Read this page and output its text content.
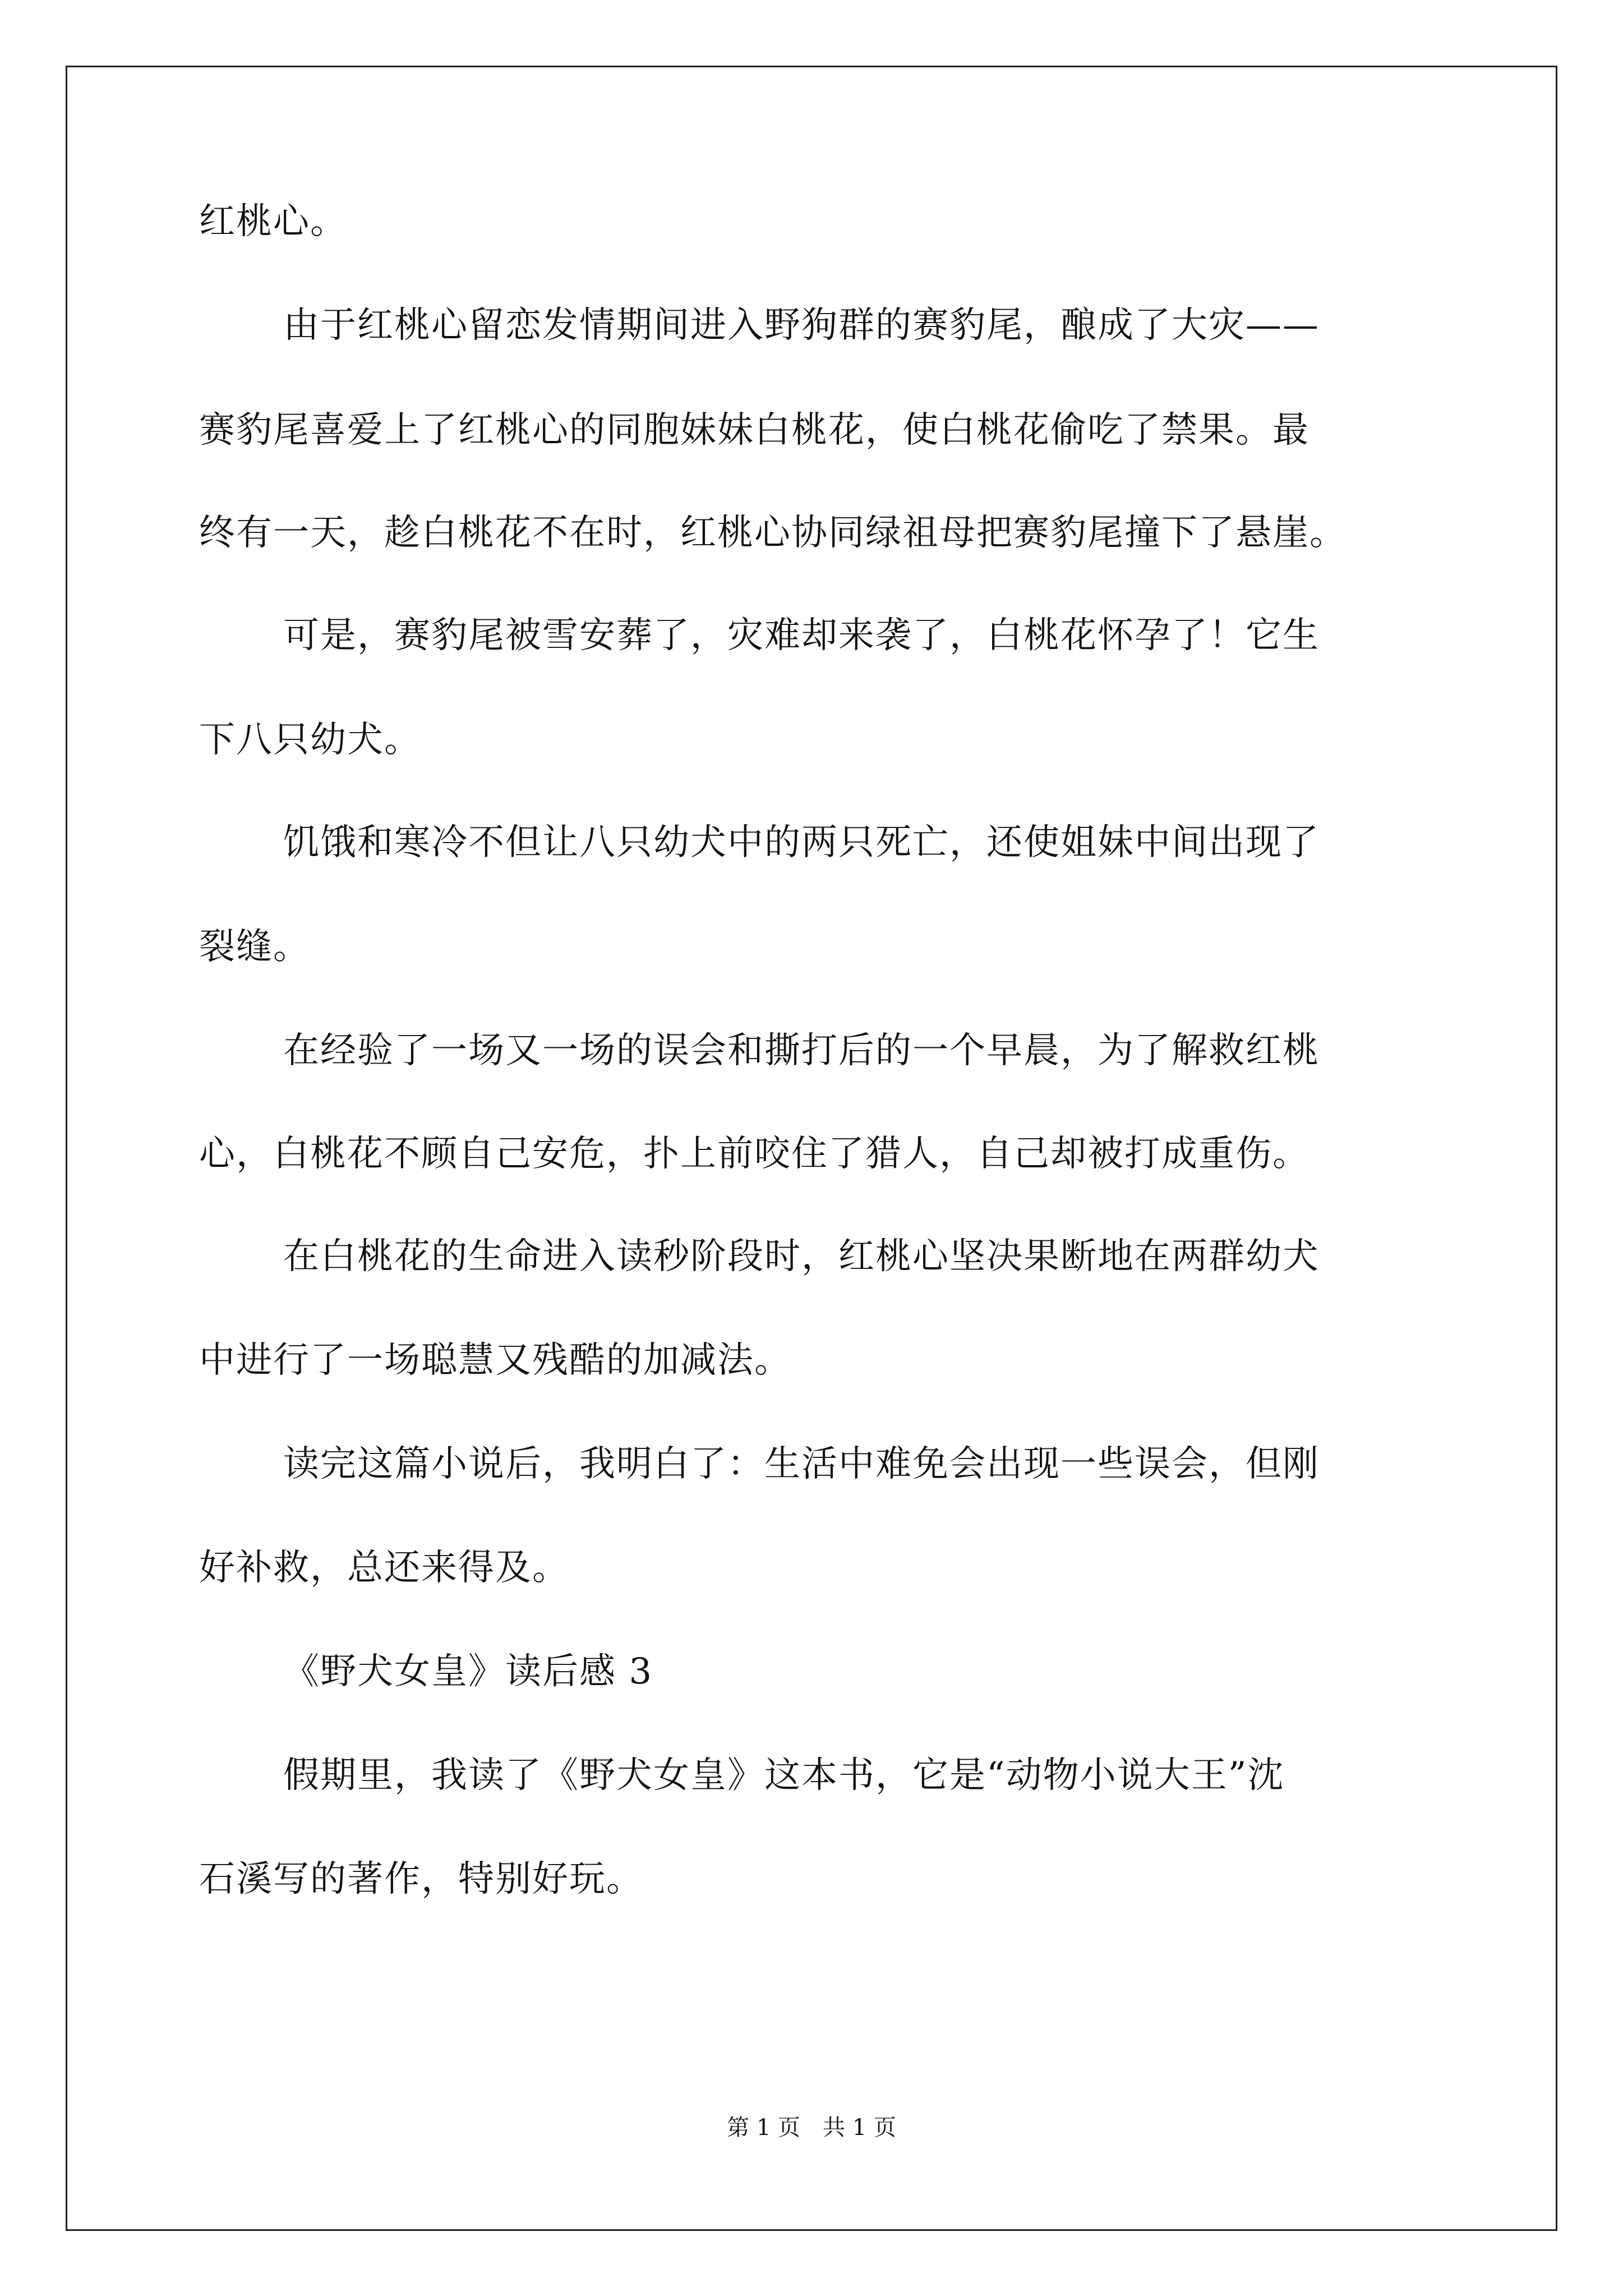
红桃心。
由于红桃心留恋发情期间进入野狗群的赛豹尾，酿成了大灾——
赛豹尾喜爱上了红桃心的同胞妹妹白桃花，使白桃花偷吃了禁果。最
终有一天，趁白桃花不在时，红桃心协同绿祖母把赛豹尾撞下了悬崖。
可是，赛豹尾被雪安葬了，灾难却来袭了，白桃花怀孕了！它生
下八只幼犬。
饥饿和寒冷不但让八只幼犬中的两只死亡，还使姐妹中间出现了
裂缝。
在经验了一场又一场的误会和撕打后的一个早晨，为了解救红桃
心，白桃花不顾自己安危，扑上前咬住了猎人，自己却被打成重伤。
在白桃花的生命进入读秒阶段时，红桃心坚决果断地在两群幼犬
中进行了一场聪慧又残酷的加减法。
读完这篇小说后，我明白了：生活中难免会出现一些误会，但刚
好补救，总还来得及。
《野犬女皇》读后感 3
假期里，我读了《野犬女皇》这本书，它是“动物小说大王”沈
石溪写的著作，特别好玩。
第 1 页　共 1 页
